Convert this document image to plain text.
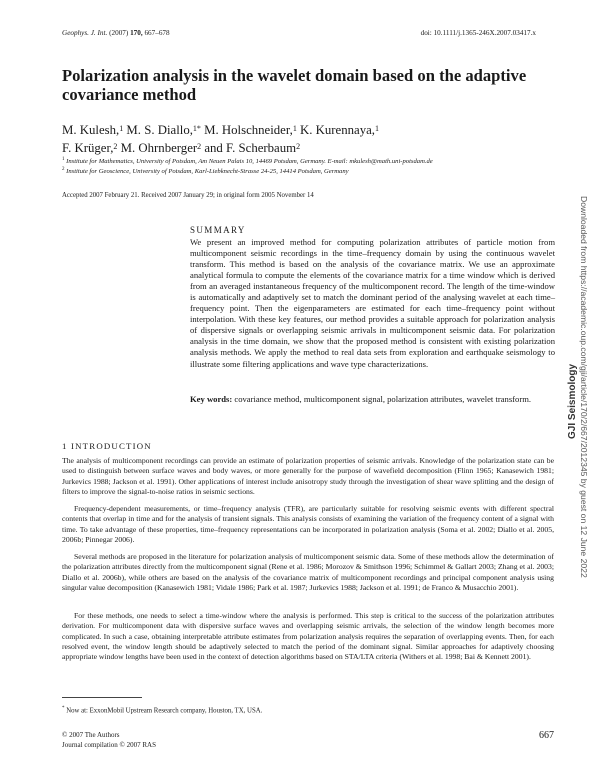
Geophys. J. Int. (2007) 170, 667–678	doi: 10.1111/j.1365-246X.2007.03417.x
Polarization analysis in the wavelet domain based on the adaptive covariance method
M. Kulesh,$^1$ M. S. Diallo,$^{1*}$ M. Holschneider,$^1$ K. Kurennaya,$^1$
F. Krüger,$^2$ M. Ohrnberger$^2$ and F. Scherbaum$^2$
$^1$ Institute for Mathematics, University of Potsdam, Am Neuen Palais 10, 14469 Potsdam, Germany. E-mail: mkulesh@math.uni-potsdam.de
$^2$ Institute for Geoscience, University of Potsdam, Karl-Liebknecht-Strasse 24-25, 14414 Potsdam, Germany
Accepted 2007 February 21. Received 2007 January 29; in original form 2005 November 14
SUMMARY
We present an improved method for computing polarization attributes of particle motion from multicomponent seismic recordings in the time–frequency domain by using the continuous wavelet transform. This method is based on the analysis of the covariance matrix. We use an approximate analytical formula to compute the elements of the covariance matrix for a time window which is derived from an averaged instantaneous frequency of the multicomponent record. The length of the time-window is automatically and adaptively set to match the dominant period of the analysing wavelet at each time–frequency point. Then the eigenparameters are estimated for each time–frequency point without interpolation. With these key features, our method provides a suitable approach for polarization analysis of dispersive signals or overlapping seismic arrivals in multicomponent seismic data. For polarization analysis in the time domain, we show that the proposed method is consistent with existing polarization analysis methods. We apply the method to real data sets from exploration and earthquake seismology to illustrate some filtering applications and wave type characterizations.
Key words: covariance method, multicomponent signal, polarization attributes, wavelet transform.
1 INTRODUCTION

The analysis of multicomponent recordings can provide an estimate of polarization properties of seismic arrivals. Knowledge of the polarization state can be used to distinguish between surface waves and body waves, or more generally for the purpose of wavefield decomposition (Flinn 1965; Kanasewich 1981; Jurkevics 1988; Jackson et al. 1991). Other applications of interest include anisotropy study through the investigation of shear wave splitting and the design of filters to improve the signal-to-noise ratios in seismic sections.

Frequency-dependent measurements, or time–frequency analysis (TFR), are particularly suitable for resolving seismic events with different spectral contents that overlap in time and for the analysis of transient signals. This analysis consists of examining the variation of the frequency content of a signal with time. To take advantage of these properties, time–frequency representations can be incorporated in polarization analysis (Soma et al. 2002; Diallo et al. 2005, 2006b; Pinnegar 2006).

Several methods are proposed in the literature for polarization analysis of multicomponent seismic data. Some of these methods allow the determination of the polarization attributes directly from the multicomponent signal (Rene et al. 1986; Morozov & Smithson 1996; Schimmel & Gallart 2003; Zhang et al. 2003; Diallo et al. 2006b), while others are based on the analysis of the covariance matrix of multicomponent recordings and principal component analysis using singular value decomposition (Kanasewich 1981; Vidale 1986; Park et al. 1987; Jurkevics 1988; Jackson et al. 1991; de Franco & Musacchio 2001).

For these methods, one needs to select a time-window where the analysis is performed. This step is critical to the success of the polarization attributes derivation. For multicomponent data with dispersive surface waves and overlapping seismic arrivals, the selection of the window length becomes more complicated. In such a case, obtaining interpretable attribute estimates from polarization analysis requires the separation of overlapping events. Then, for each resolved event, the window length should be adaptively selected to match the period of the dominant signal. Similar approaches for adaptively choosing appropriate window lengths have been used in the context of detection algorithms based on STA/LTA criteria (Withers et al. 1998; Bai & Kennett 2001).

* Now at: ExxonMobil Upstream Research company, Houston, TX, USA.
© 2007 The Authors
Journal compilation © 2007 RAS
667
Downloaded from https://academic.oup.com/gji/article/170/2/667/2012345 by guest on 12 June 2022
GJI Seismology
